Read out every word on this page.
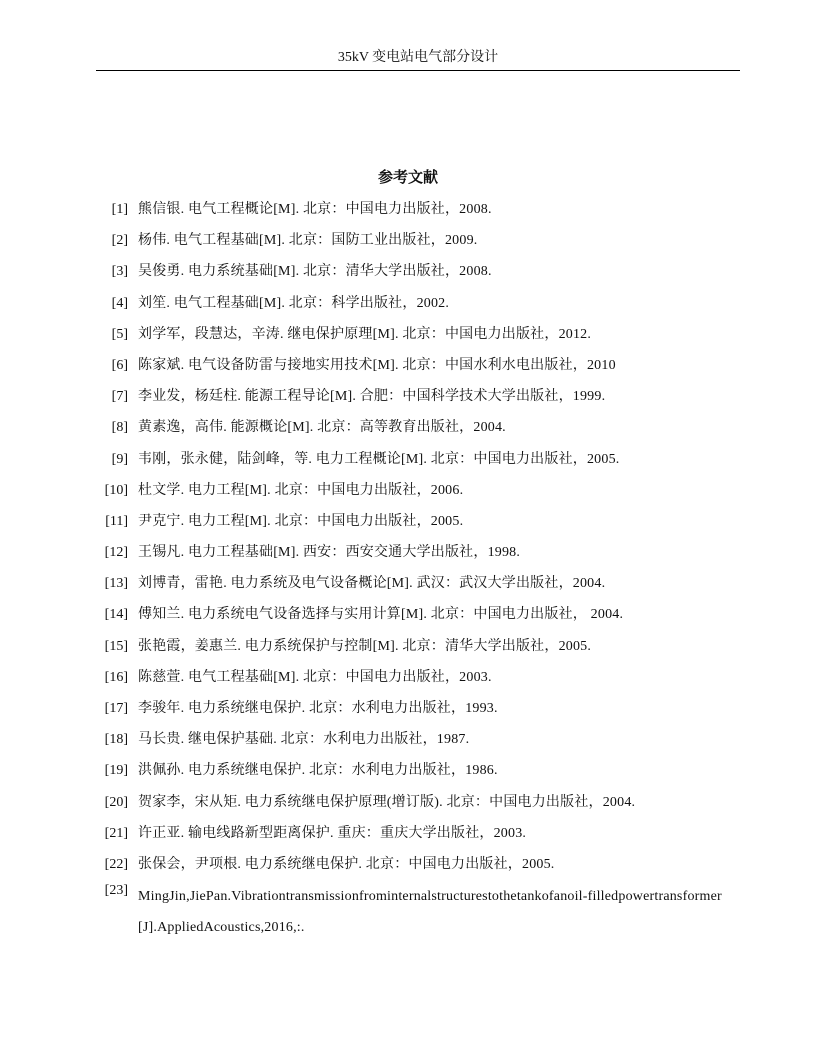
35kV 变电站电气部分设计
参考文献
[1] 熊信银. 电气工程概论[M]. 北京：中国电力出版社，2008.
[2] 杨伟. 电气工程基础[M]. 北京：国防工业出版社，2009.
[3] 吴俊勇. 电力系统基础[M]. 北京：清华大学出版社，2008.
[4] 刘笙. 电气工程基础[M]. 北京：科学出版社，2002.
[5] 刘学军，段慧达，辛涛. 继电保护原理[M]. 北京：中国电力出版社，2012.
[6] 陈家斌. 电气设备防雷与接地实用技术[M]. 北京：中国水利水电出版社，2010
[7] 李业发，杨廷柱. 能源工程导论[M]. 合肥：中国科学技术大学出版社，1999.
[8] 黄素逸，高伟. 能源概论[M]. 北京：高等教育出版社，2004.
[9] 韦刚，张永健，陆剑峰，等. 电力工程概论[M]. 北京：中国电力出版社，2005.
[10] 杜文学. 电力工程[M]. 北京：中国电力出版社，2006.
[11] 尹克宁. 电力工程[M]. 北京：中国电力出版社，2005.
[12] 王锡凡. 电力工程基础[M]. 西安：西安交通大学出版社，1998.
[13] 刘博青，雷艳. 电力系统及电气设备概论[M]. 武汉：武汉大学出版社，2004.
[14] 傅知兰. 电力系统电气设备选择与实用计算[M]. 北京：中国电力出版社， 2004.
[15] 张艳霞，姜惠兰. 电力系统保护与控制[M]. 北京：清华大学出版社，2005.
[16] 陈慈萱. 电气工程基础[M]. 北京：中国电力出版社，2003.
[17] 李骏年. 电力系统继电保护. 北京：水利电力出版社，1993.
[18] 马长贵. 继电保护基础. 北京：水利电力出版社，1987.
[19] 洪佩孙. 电力系统继电保护. 北京：水利电力出版社，1986.
[20] 贺家李，宋从矩. 电力系统继电保护原理(增订版). 北京：中国电力出版社，2004.
[21] 许正亚. 输电线路新型距离保护. 重庆：重庆大学出版社，2003.
[22] 张保会，尹项根. 电力系统继电保护. 北京：中国电力出版社，2005.
[23] MingJin,JiePan.Vibrationtransmissionfrominternalstructurestothetankofanoil-filledpowertransformer[J].AppliedAcoustics,2016,:.
